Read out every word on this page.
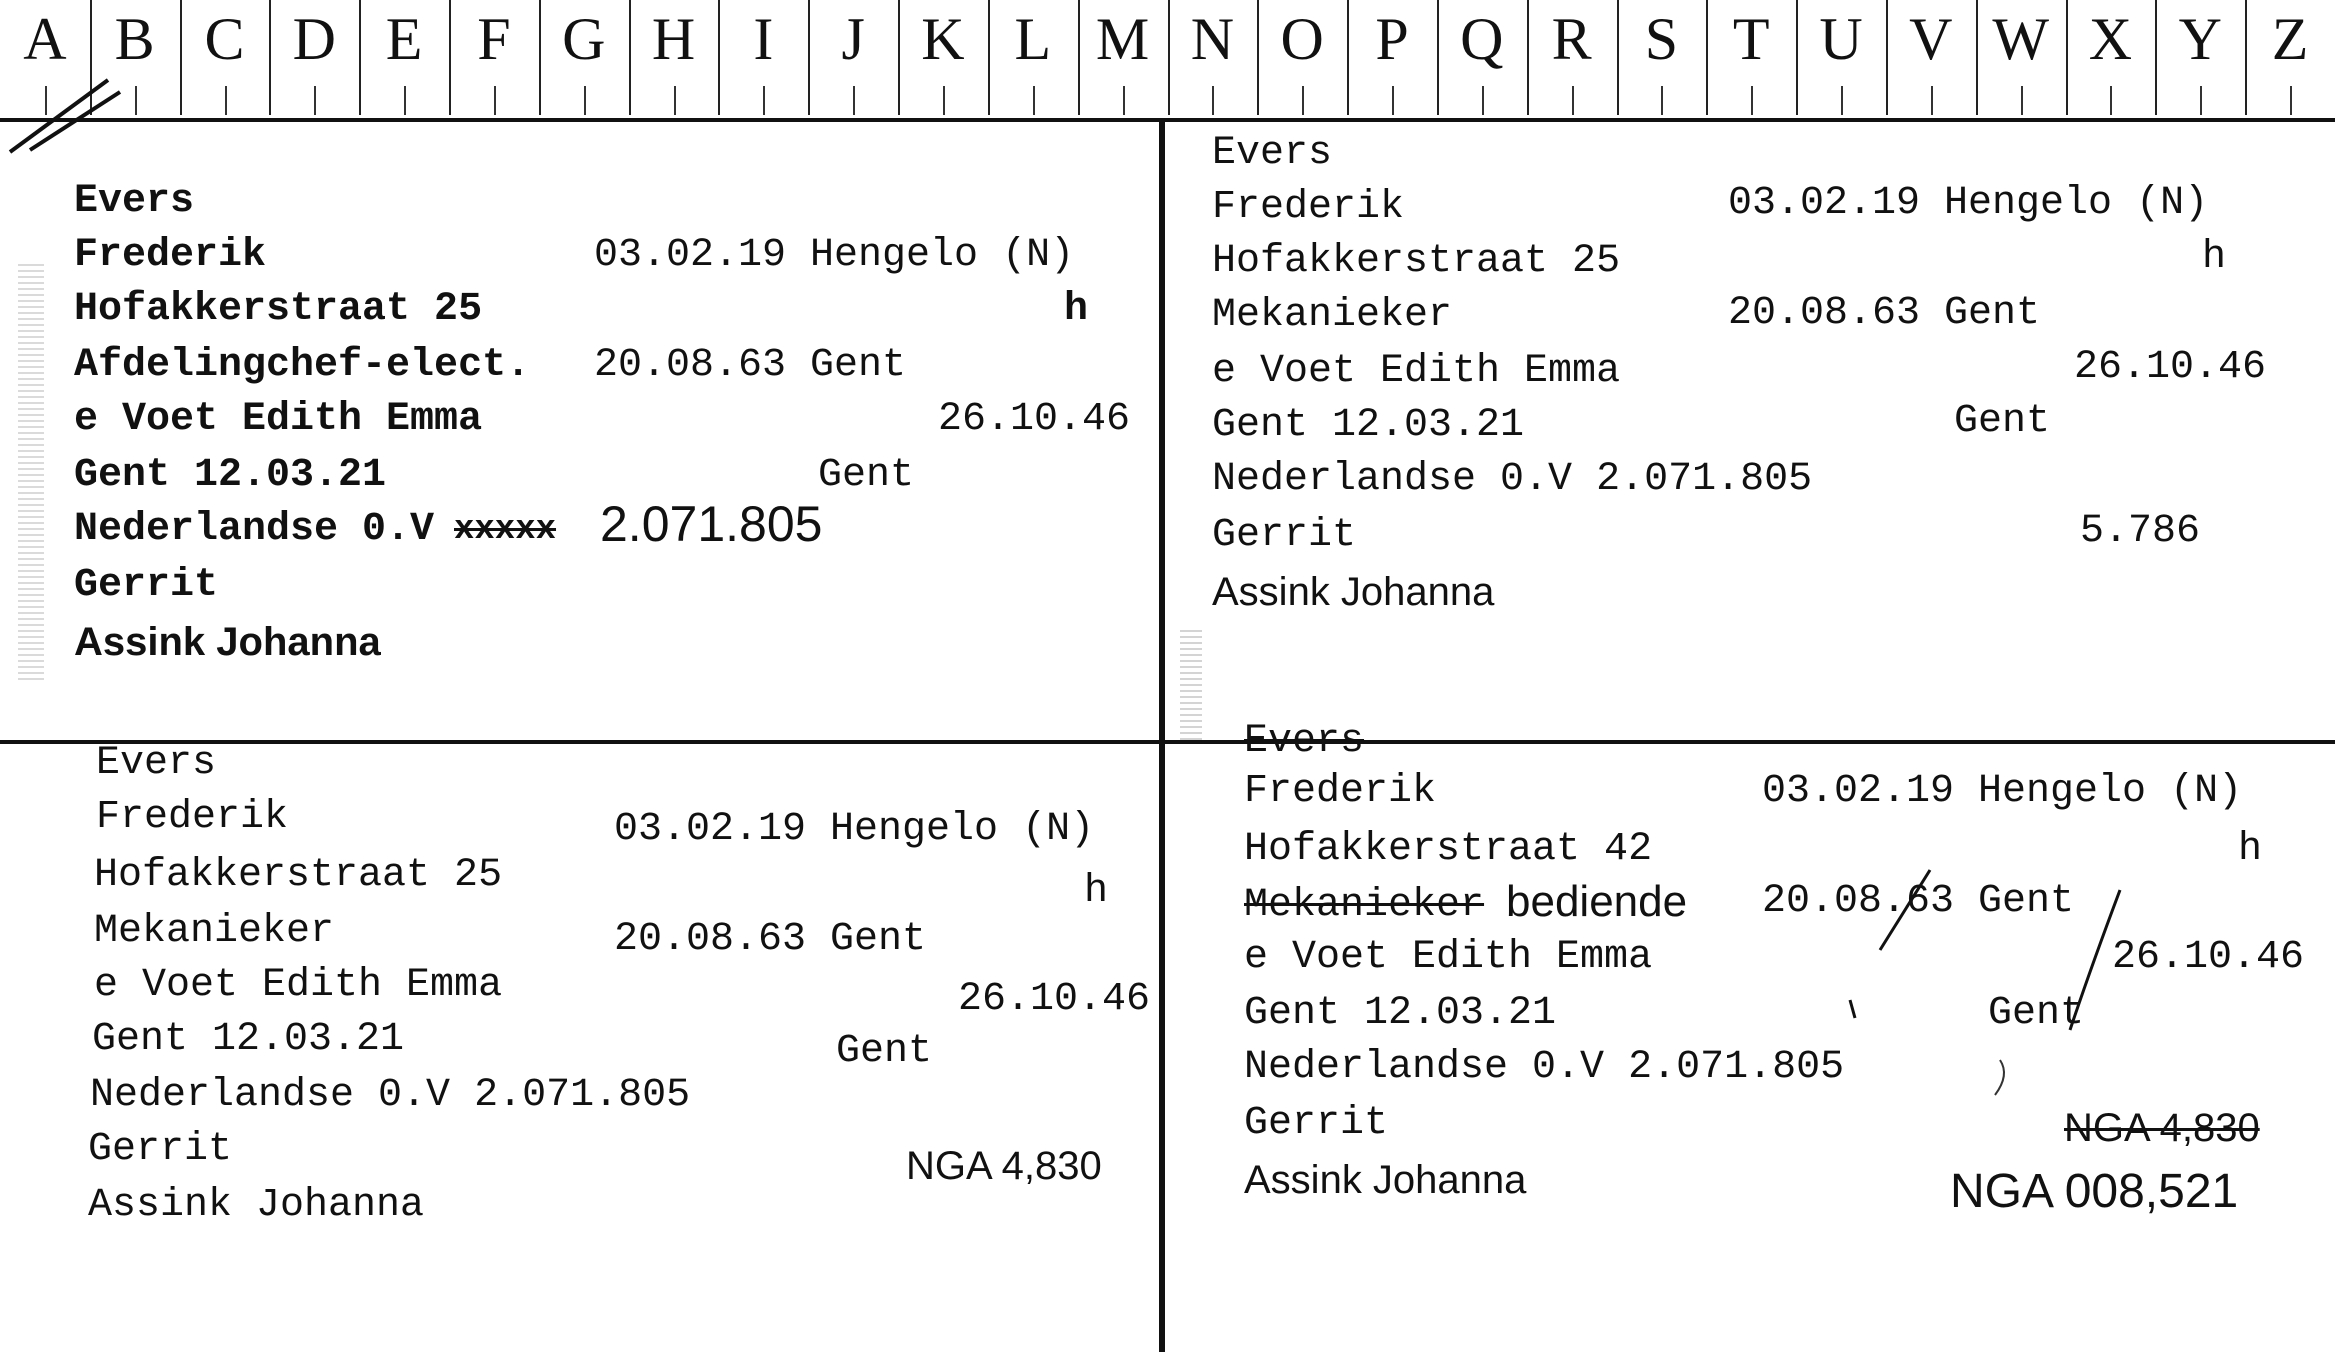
A B C D E F G H I	J K L M N O P Q R S T U V W X Y Z
Evers
Frederik	03.02.19 Hengelo (N)
Hofakkerstraat 25	h
Afdelingchef-elect. 20.08.63 Gent
e Voet Edith Emma	26.10.46
Gent 12.03.21	Gent
Nederlandse 0.V xxxxx 2.071.805
Gerrit
Assink Johanna
Evers
Frederik	03.02.19 Hengelo (N)
Hofakkerstraat 25	h
Mekanieker	20.08.63 Gent
e Voet Edith Emma	26.10.46
Gent 12.03.21	Gent
Nederlandse 0.V 2.071.805
Gerrit	5.786
Assink Johanna
Evers
Frederik	03.02.19 Hengelo (N)
Hofakkerstraat 25	h
Mekanieker	20.08.63 Gent
e Voet Edith Emma	26.10.46
Gent 12.03.21	Gent
Nederlandse 0.V 2.071.805
Gerrit	NGA 4,830
Assink Johanna
Evers
Frederik	03.02.19 Hengelo (N)
Hofakkerstraat 42	h
Mekanieker bediende 20.08.63 Gent
e Voet Edith Emma	26.10.46
Gent 12.03.21	Gent
Nederlandse 0.V 2.071.805
Gerrit	NGA 4,830
Assink Johanna	NGA 008,521
